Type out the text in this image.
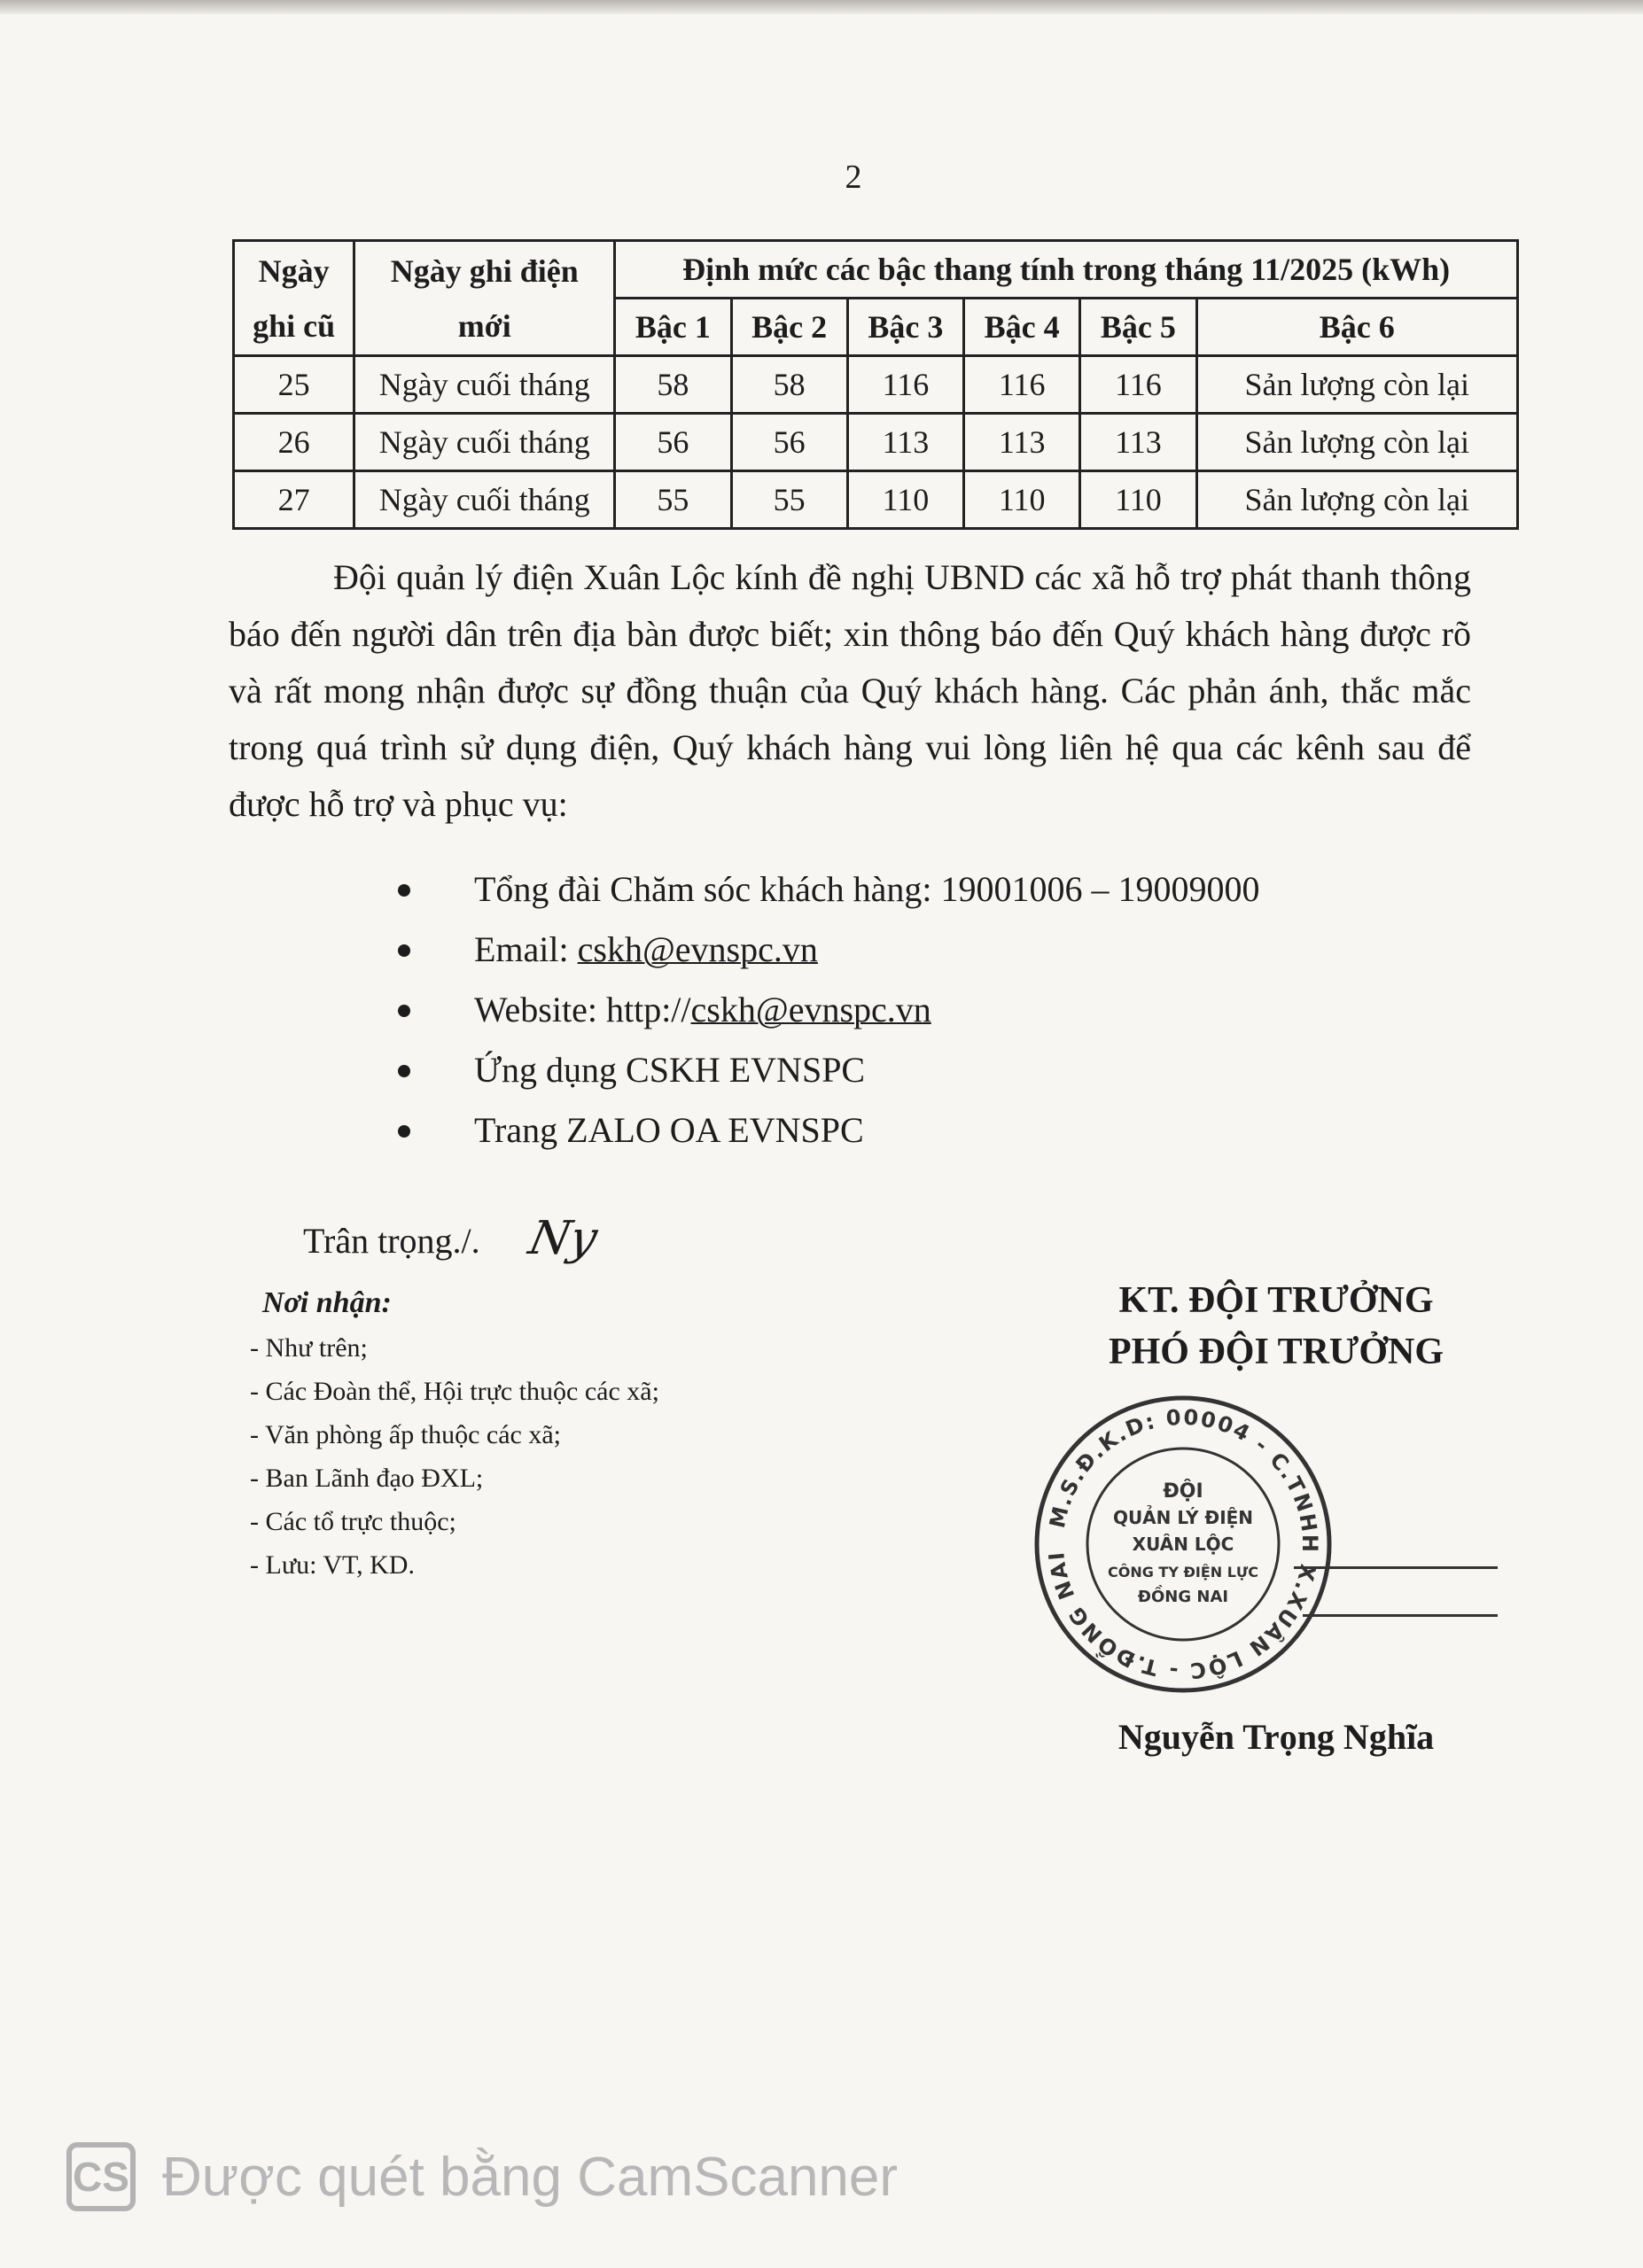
2
Ngày ghi cũ	Ngày ghi điện mới	Định mức các bậc thang tính trong tháng 11/2025 (kWh)					
		Bậc 1	Bậc 2	Bậc 3	Bậc 4	Bậc 5	Bậc 6
25	Ngày cuối tháng	58	58	116	116	116	Sản lượng còn lại
26	Ngày cuối tháng	56	56	113	113	113	Sản lượng còn lại
27	Ngày cuối tháng	55	55	110	110	110	Sản lượng còn lại

Đội quản lý điện Xuân Lộc kính đề nghị UBND các xã hỗ trợ phát thanh thông báo đến người dân trên địa bàn được biết; xin thông báo đến Quý khách hàng được rõ và rất mong nhận được sự đồng thuận của Quý khách hàng. Các phản ánh, thắc mắc trong quá trình sử dụng điện, Quý khách hàng vui lòng liên hệ qua các kênh sau để được hỗ trợ và phục vụ:

Tổng đài Chăm sóc khách hàng: 19001006 – 19009000
Email: cskh@evnspc.vn
Website: http://cskh@evnspc.vn
Ứng dụng CSKH EVNSPC
Trang ZALO OA EVNSPC
Trân trọng./. Ny
Nơi nhận:
- Như trên;
- Các Đoàn thể, Hội trực thuộc các xã;
- Văn phòng ấp thuộc các xã;
- Ban Lãnh đạo ĐXL;
- Các tổ trực thuộc;
- Lưu: VT, KD.
KT. ĐỘI TRƯỞNG
PHÓ ĐỘI TRƯỞNG
M.S.Đ.K.D: 00004 - C.TNHH X.XUÂN LỘC - T.ĐỒNG NAI
ĐỘI
QUẢN LÝ ĐIỆN
XUÂN LỘC
CÔNG TY ĐIỆN LỰC
ĐỒNG NAI
Nguyễn Trọng Nghĩa
CS Được quét bằng CamScanner
